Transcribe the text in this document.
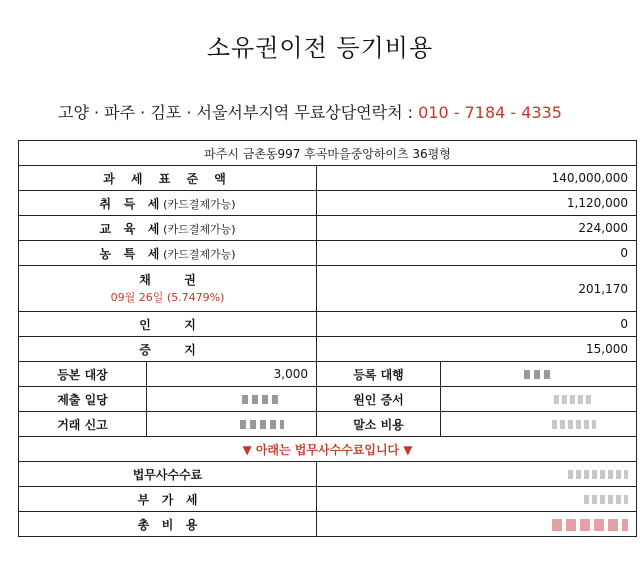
소유권이전 등기비용
고양 · 파주 · 김포 · 서울서부지역 무료상담연락처 : 010 - 7184 - 4335
파주시 금촌동997 후곡마을중앙하이츠 36평형			
과 세 표 준 액		140,000,000	
취   득   세 (카드결제가능)		1,120,000	
교   육   세 (카드결제가능)		224,000	
농   특   세 (카드결제가능)		0	

채        권
09월 26일 (5.7479%)		201,170	
인        지		0	
증        지		15,000	
등본 대장	3,000	등록 대행	
제출 일당		원인 증서	
거래 신고		말소 비용	
▼ 아래는 법무사수수료입니다 ▼			
법무사수수료			
부   가   세			
총   비   용			
